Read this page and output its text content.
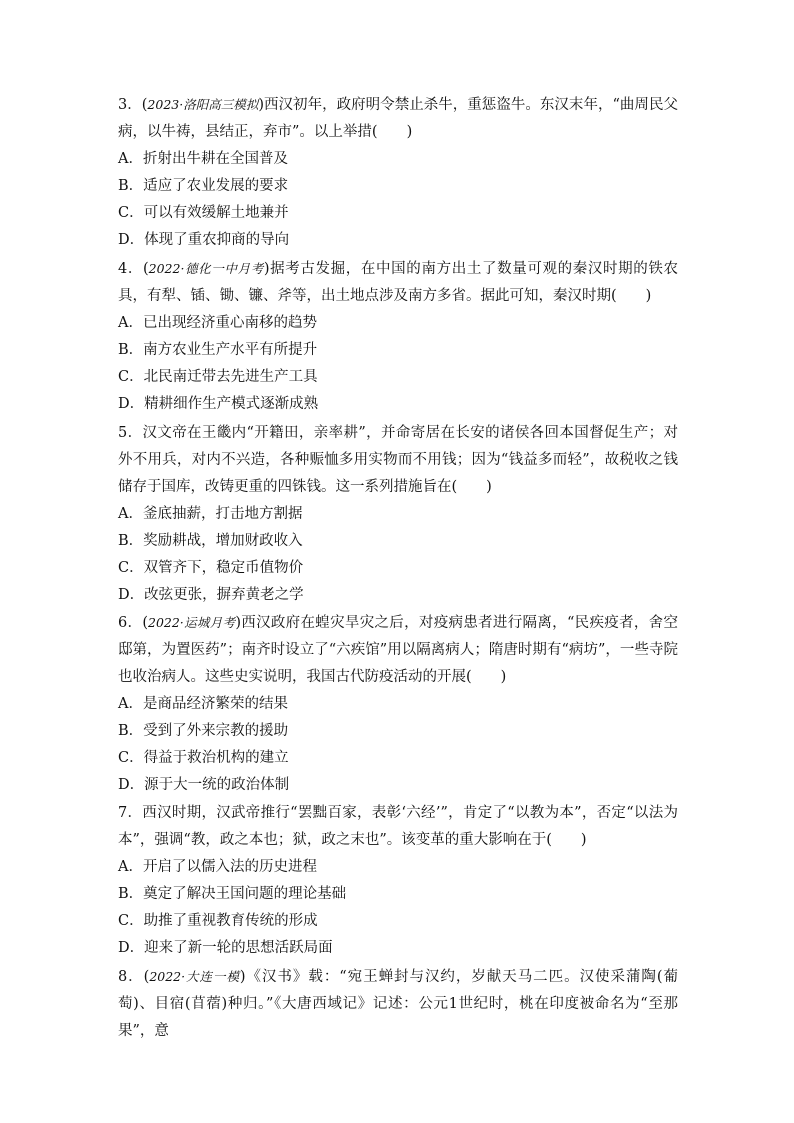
3．(2023·洛阳高三模拟)西汉初年，政府明令禁止杀牛，重惩盗牛。东汉末年，“曲周民父病，以牛祷，县结正，弃市”。以上举措(　　)

A．折射出牛耕在全国普及

B．适应了农业发展的要求

C．可以有效缓解土地兼并

D．体现了重农抑商的导向

4．(2022·德化一中月考)据考古发掘，在中国的南方出土了数量可观的秦汉时期的铁农具，有犁、锸、锄、镰、斧等，出土地点涉及南方多省。据此可知，秦汉时期(　　)

A．已出现经济重心南移的趋势

B．南方农业生产水平有所提升

C．北民南迁带去先进生产工具

D．精耕细作生产模式逐渐成熟

5．汉文帝在王畿内“开籍田，亲率耕”，并命寄居在长安的诸侯各回本国督促生产；对外不用兵，对内不兴造，各种赈恤多用实物而不用钱；因为“钱益多而轻”，故税收之钱储存于国库，改铸更重的四铢钱。这一系列措施旨在(　　)

A．釜底抽薪，打击地方割据

B．奖励耕战，增加财政收入

C．双管齐下，稳定币值物价

D．改弦更张，摒弃黄老之学

6．(2022·运城月考)西汉政府在蝗灾旱灾之后，对疫病患者进行隔离，“民疾疫者，舍空邸第，为置医药”；南齐时设立了“六疾馆”用以隔离病人；隋唐时期有“病坊”，一些寺院也收治病人。这些史实说明，我国古代防疫活动的开展(　　)

A．是商品经济繁荣的结果

B．受到了外来宗教的援助

C．得益于救治机构的建立

D．源于大一统的政治体制

7．西汉时期，汉武帝推行“罢黜百家，表彰‘六经’”，肯定了“以教为本”，否定“以法为本”，强调“教，政之本也；狱，政之末也”。该变革的重大影响在于(　　)

A．开启了以儒入法的历史进程

B．奠定了解决王国问题的理论基础

C．助推了重视教育传统的形成

D．迎来了新一轮的思想活跃局面

8．(2022·大连一模)《汉书》载：“宛王蝉封与汉约，岁献天马二匹。汉使采蒲陶(葡萄)、目宿(苜蓿)种归。”《大唐西域记》记述：公元1世纪时，桃在印度被命名为“至那果”，意
